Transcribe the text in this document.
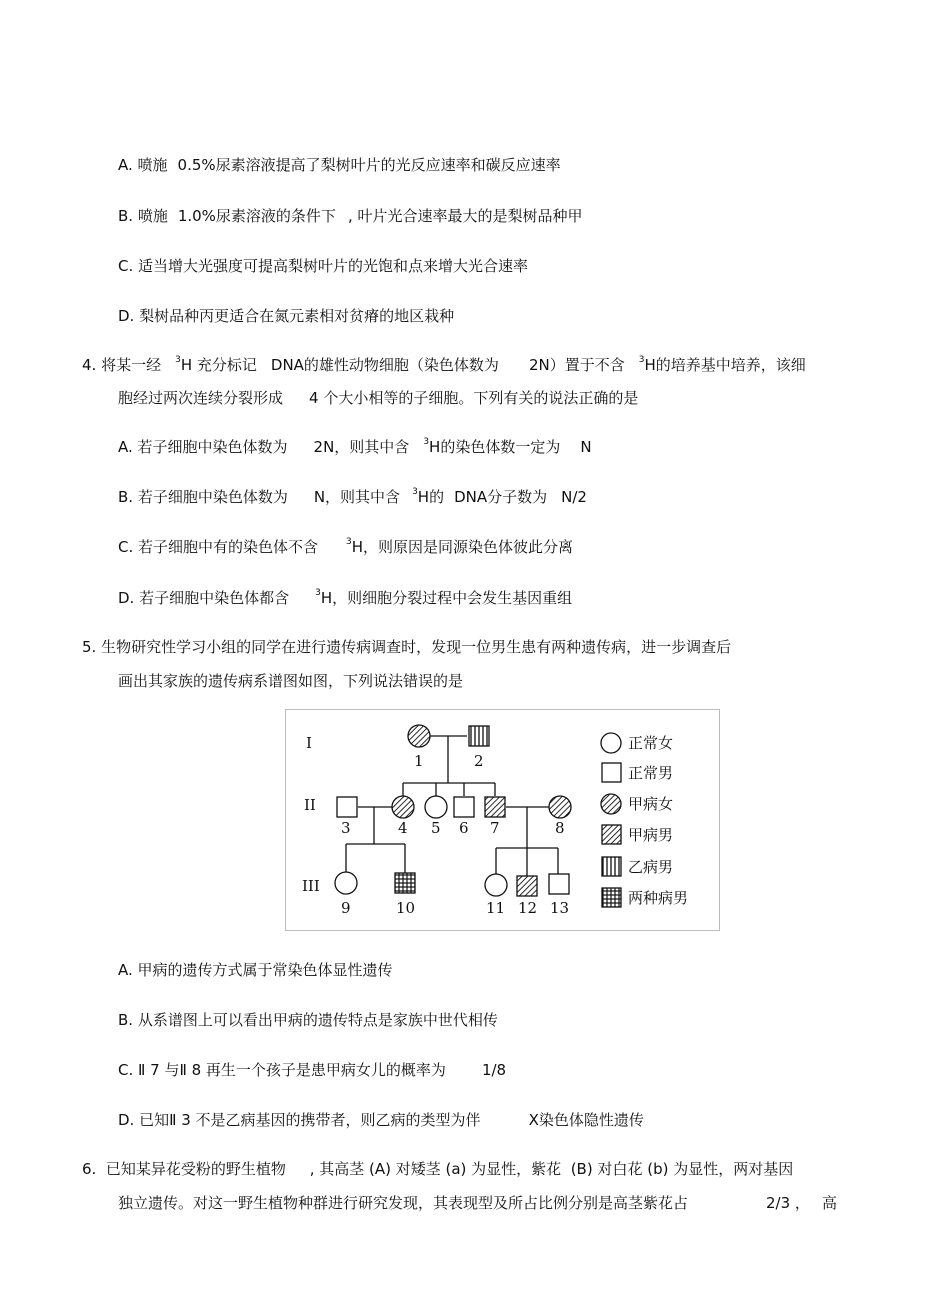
A. 喷施 0.5%尿素溶液提高了梨树叶片的光反应速率和碳反应速率
B. 喷施 1.0%尿素溶液的条件下 , 叶片光合速率最大的是梨树品种甲
C. 适当增大光强度可提高梨树叶片的光饱和点来增大光合速率
D. 梨树品种丙更适合在氮元素相对贫瘠的地区栽种
4. 将某一经 $^3$H 充分标记 DNA的雄性动物细胞（染色体数为 2N）置于不含 $^3$H的培养基中培养，该细
胞经过两次连续分裂形成 4 个大小相等的子细胞。下列有关的说法正确的是
A. 若子细胞中染色体数为 2N，则其中含 $^3$H的染色体数一定为 N
B. 若子细胞中染色体数为 N，则其中含 $^3$H的 DNA分子数为 N/2
C. 若子细胞中有的染色体不含	$^3$H，则原因是同源染色体彼此分离
D. 若子细胞中染色体都含	$^3$H，则细胞分裂过程中会发生基因重组
5. 生物研究性学习小组的同学在进行遗传病调查时，发现一位男生患有两种遗传病，进一步调查后
画出其家族的遗传病系谱图如图，下列说法错误的是
I
II
III
1	2
3	4 5 6 7	8
9	10	11 12 13
正常女
正常男
甲病女
甲病男
乙病男
两种病男
A. 甲病的遗传方式属于常染色体显性遗传
B. 从系谱图上可以看出甲病的遗传特点是家族中世代相传
C. Ⅱ 7 与Ⅱ 8 再生一个孩子是患甲病女儿的概率为 1/8
D. 已知Ⅱ 3 不是乙病基因的携带者，则乙病的类型为伴	X染色体隐性遗传
6.  已知某异花受粉的野生植物     , 其高茎 (A) 对矮茎 (a) 为显性，紫花  (B) 对白花 (b) 为显性，两对基因
独立遗传。对这一野生植物种群进行研究发现，其表现型及所占比例分别是高茎紫花占	2/3 ， 高
